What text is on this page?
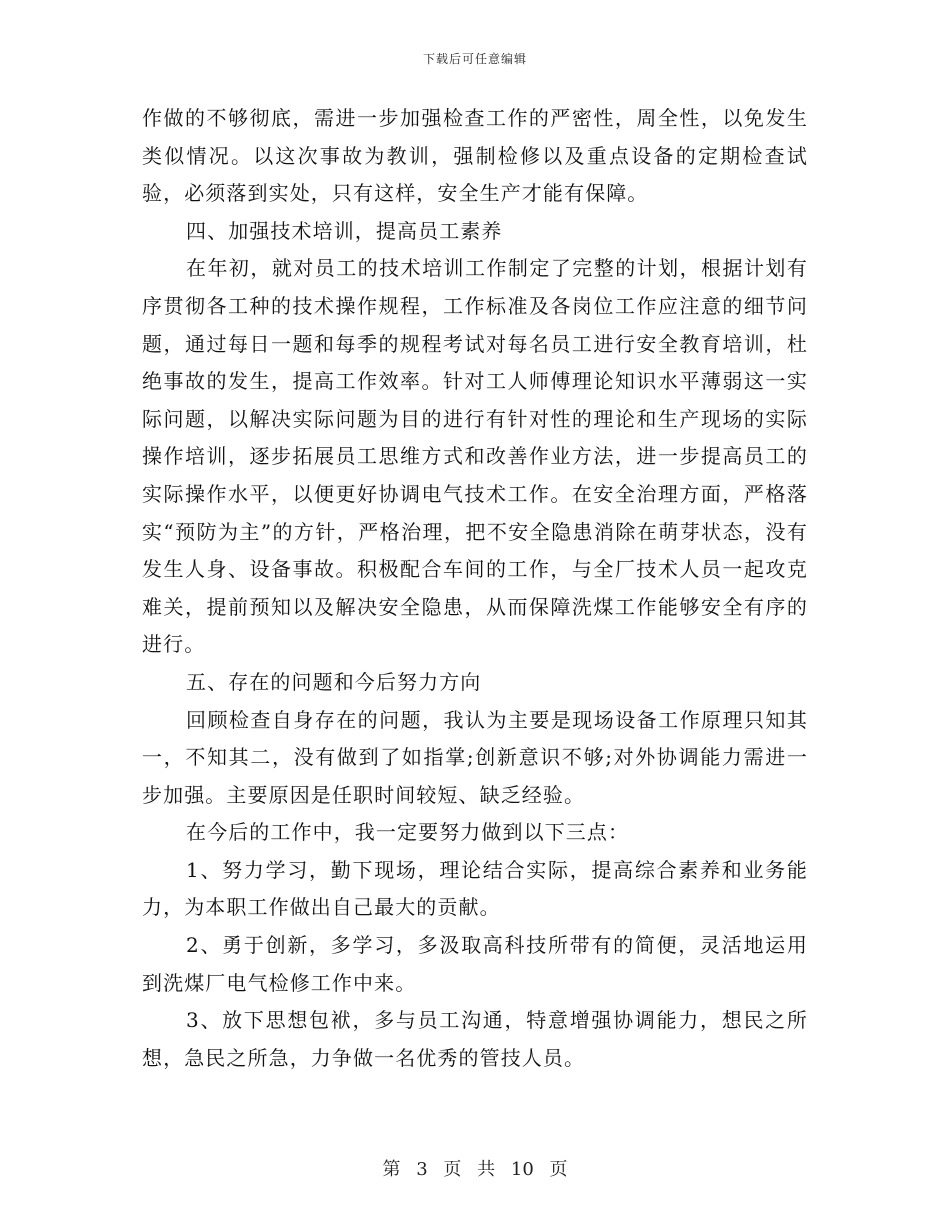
下载后可任意编辑

作做的不够彻底，需进一步加强检查工作的严密性，周全性，以免发生类似情况。以这次事故为教训，强制检修以及重点设备的定期检查试验，必须落到实处，只有这样，安全生产才能有保障。

四、加强技术培训，提高员工素养

在年初，就对员工的技术培训工作制定了完整的计划，根据计划有序贯彻各工种的技术操作规程，工作标准及各岗位工作应注意的细节问题，通过每日一题和每季的规程考试对每名员工进行安全教育培训，杜绝事故的发生，提高工作效率。针对工人师傅理论知识水平薄弱这一实际问题，以解决实际问题为目的进行有针对性的理论和生产现场的实际操作培训，逐步拓展员工思维方式和改善作业方法，进一步提高员工的实际操作水平，以便更好协调电气技术工作。在安全治理方面，严格落实“预防为主”的方针，严格治理，把不安全隐患消除在萌芽状态，没有发生人身、设备事故。积极配合车间的工作，与全厂技术人员一起攻克难关，提前预知以及解决安全隐患，从而保障洗煤工作能够安全有序的进行。

五、存在的问题和今后努力方向

回顾检查自身存在的问题，我认为主要是现场设备工作原理只知其一，不知其二，没有做到了如指掌;创新意识不够;对外协调能力需进一步加强。主要原因是任职时间较短、缺乏经验。

在今后的工作中，我一定要努力做到以下三点：

1、努力学习，勤下现场，理论结合实际，提高综合素养和业务能力，为本职工作做出自己最大的贡献。

2、勇于创新，多学习，多汲取高科技所带有的简便，灵活地运用到洗煤厂电气检修工作中来。

3、放下思想包袱，多与员工沟通，特意增强协调能力，想民之所想，急民之所急，力争做一名优秀的管技人员。

第 3 页 共 10 页
